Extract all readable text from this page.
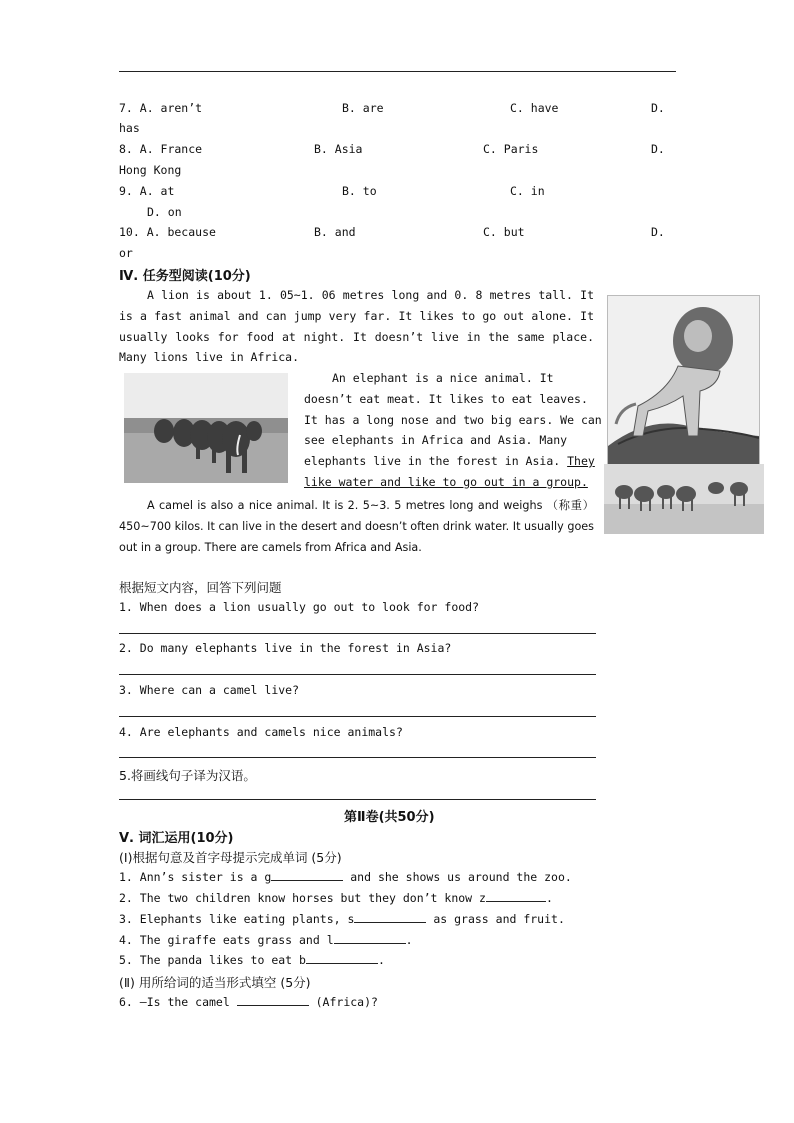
7. A. aren’t	B. are	C. have	D.
has
8. A. France	B. Asia	C. Paris	D.
Hong Kong
9. A. at	B. to	C. in
D. on
10. A. because	B. and	C. but	D.
or
Ⅳ. 任务型阅读(10分)
A lion is about 1. 05~1. 06 metres long and 0. 8 metres tall. It is a fast animal and can jump very far. It likes to go out alone. It usually looks for food at night. It doesn’t live in the same place. Many lions live in Africa.
An elephant is a nice animal. It
doesn’t eat meat. It likes to eat leaves.
It has a long nose and two big ears. We can
see elephants in Africa and Asia. Many
elephants live in the forest in Asia. They
like water and like to go out in a group.
A camel is also a nice animal. It is 2. 5~3. 5 metres long and weighs （称重） 450~700 kilos. It can live in the desert and doesn’t often drink water. It usually goes out in a group. There are camels from Africa and Asia.
根据短文内容，回答下列问题
1. When does a lion usually go out to look for food?
2. Do many elephants live in the forest in Asia?
3. Where can a camel live?
4. Are elephants and camels nice animals?
5.将画线句子译为汉语。
第Ⅱ卷(共50分)
Ⅴ. 词汇运用(10分)
(Ⅰ)根据句意及首字母提示完成单词 (5分)
1. Ann’s sister is a g	and she shows us around the zoo.
2. The two children know horses but they don’t know z	.
3. Elephants like eating plants, s	as grass and fruit.
4. The giraffe eats grass and l	.
5. The panda likes to eat b	.
(Ⅱ) 用所给词的适当形式填空 (5分)
6. —Is the camel	(Africa)?
